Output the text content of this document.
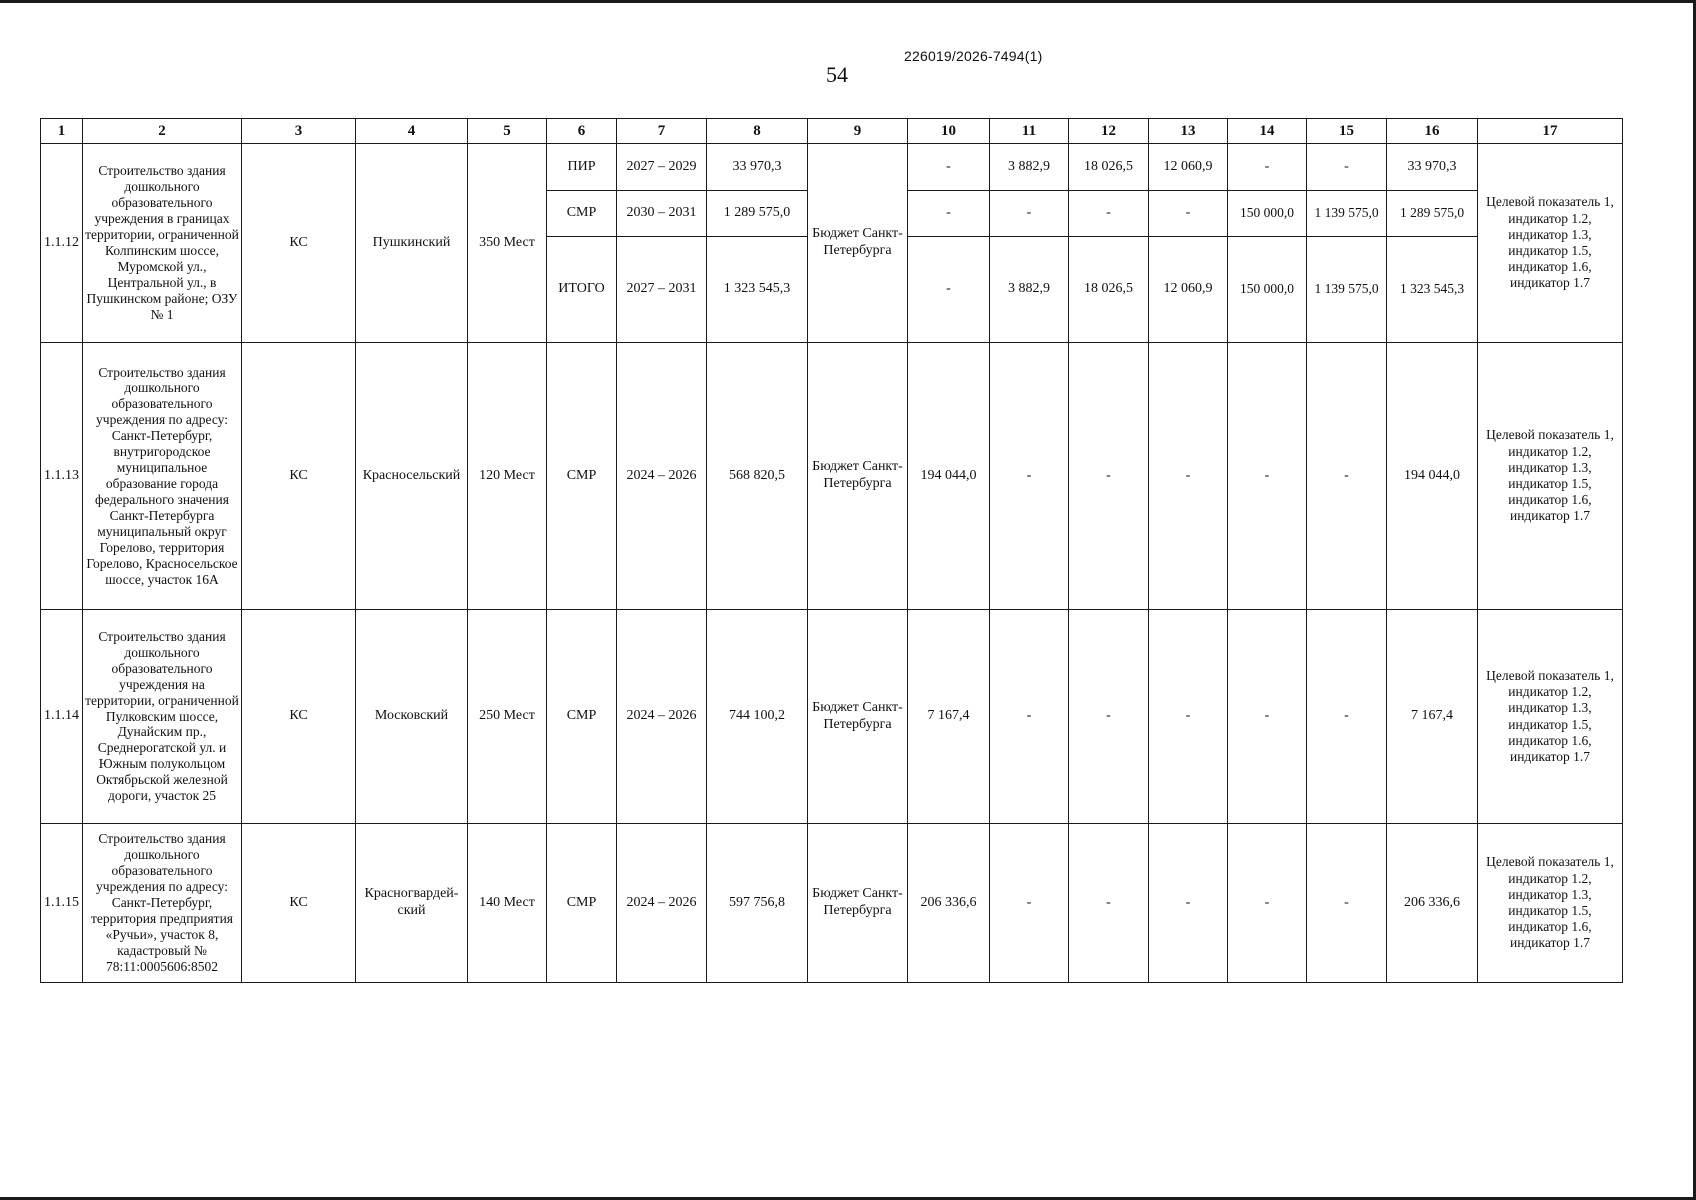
226019/2026-7494(1)
54
1	2	3	4	5	6	7	8	9	10	11	12	13	14	15	16	17
1.1.12	Строительство здания дошкольного образовательного учреждения в границах территории, ограниченной Колпинским шоссе, Муромской ул., Центральной ул., в Пушкинском районе; ОЗУ № 1	КС	Пушкинский	350 Мест	ПИР	2027 – 2029	33 970,3	Бюджет Санкт-Петербурга	-	3 882,9	18 026,5	12 060,9	-	-	33 970,3	Целевой показатель 1, индикатор 1.2, индикатор 1.3, индикатор 1.5, индикатор 1.6, индикатор 1.7
					СМР	2030 – 2031	1 289 575,0		-	-	-	-	150 000,0	1 139 575,0	1 289 575,0	
					ИТОГО	2027 – 2031	1 323 545,3		-	3 882,9	18 026,5	12 060,9	150 000,0	1 139 575,0	1 323 545,3	
1.1.13	Строительство здания дошкольного образовательного учреждения по адресу: Санкт-Петербург, внутригородское муниципальное образование города федерального значения Санкт-Петербурга муниципальный округ Горелово, территория Горелово, Красносельское шоссе, участок 16А	КС	Красносельский	120 Мест	СМР	2024 – 2026	568 820,5	Бюджет Санкт-Петербурга	194 044,0	-	-	-	-	-	194 044,0	Целевой показатель 1, индикатор 1.2, индикатор 1.3, индикатор 1.5, индикатор 1.6, индикатор 1.7
1.1.14	Строительство здания дошкольного образовательного учреждения на территории, ограниченной Пулковским шоссе, Дунайским пр., Среднерогатской ул. и Южным полукольцом Октябрьской железной дороги, участок 25	КС	Московский	250 Мест	СМР	2024 – 2026	744 100,2	Бюджет Санкт-Петербурга	7 167,4	-	-	-	-	-	7 167,4	Целевой показатель 1, индикатор 1.2, индикатор 1.3, индикатор 1.5, индикатор 1.6, индикатор 1.7
1.1.15	Строительство здания дошкольного образовательного учреждения по адресу: Санкт-Петербург, территория предприятия «Ручьи», участок 8, кадастровый № 78:11:0005606:8502	КС	Красногвардей-ский	140 Мест	СМР	2024 – 2026	597 756,8	Бюджет Санкт-Петербурга	206 336,6	-	-	-	-	-	206 336,6	Целевой показатель 1, индикатор 1.2, индикатор 1.3, индикатор 1.5, индикатор 1.6, индикатор 1.7
